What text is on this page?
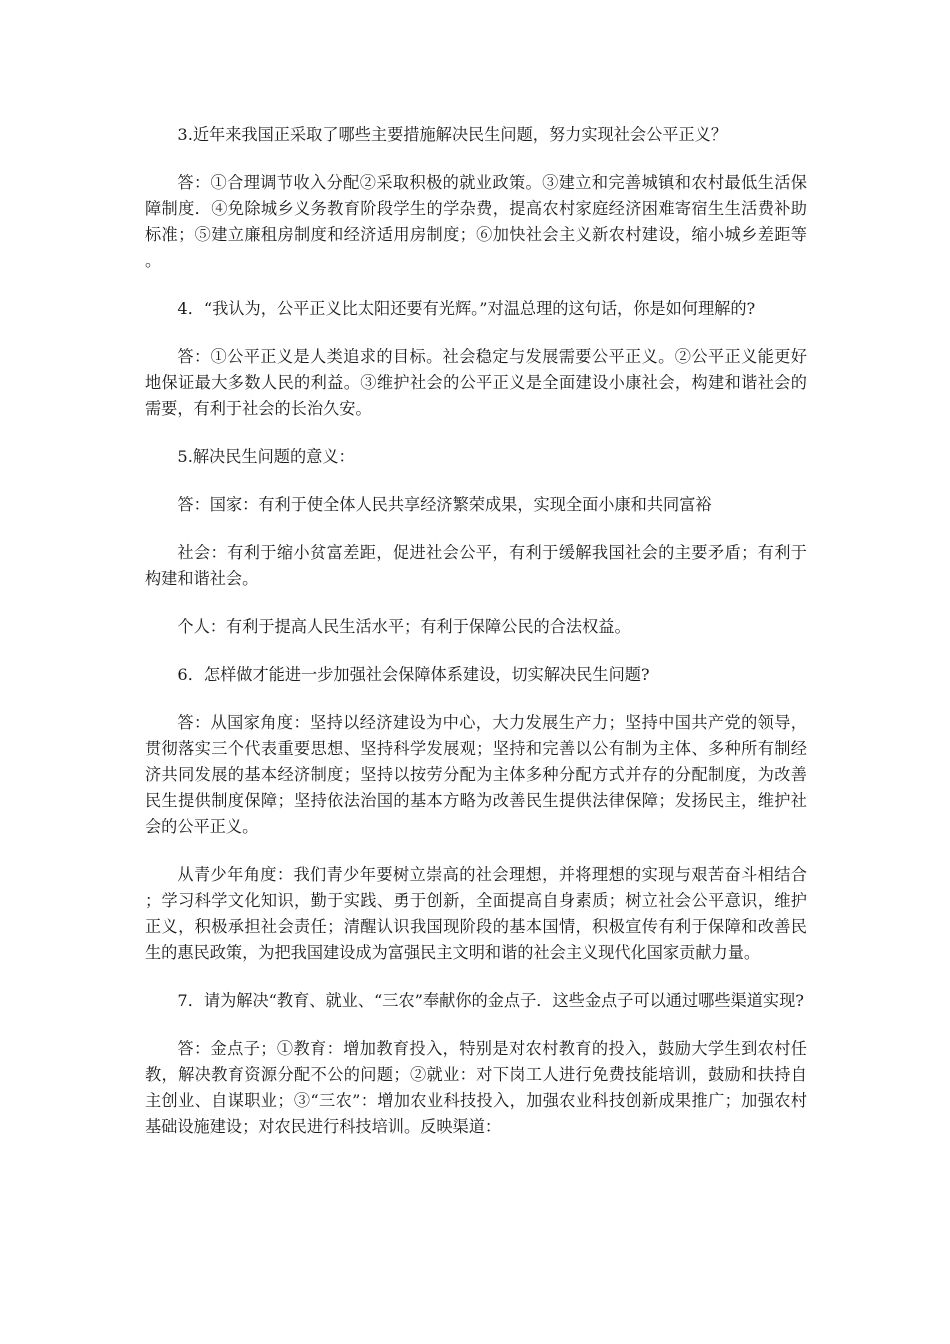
3.近年来我国正采取了哪些主要措施解决民生问题，努力实现社会公平正义？

答：①合理调节收入分配②采取积极的就业政策。③建立和完善城镇和农村最低生活保障制度．④免除城乡义务教育阶段学生的学杂费，提高农村家庭经济困难寄宿生生活费补助标准；⑤建立廉租房制度和经济适用房制度；⑥加快社会主义新农村建设，缩小城乡差距等。

4．“我认为，公平正义比太阳还要有光辉。”对温总理的这句话，你是如何理解的?

答：①公平正义是人类追求的目标。社会稳定与发展需要公平正义。②公平正义能更好地保证最大多数人民的利益。③维护社会的公平正义是全面建设小康社会，构建和谐社会的需要，有利于社会的长治久安。

5.解决民生问题的意义：

答：国家：有利于使全体人民共享经济繁荣成果，实现全面小康和共同富裕

社会：有利于缩小贫富差距，促进社会公平，有利于缓解我国社会的主要矛盾；有利于构建和谐社会。

个人：有利于提高人民生活水平；有利于保障公民的合法权益。

6．怎样做才能进一步加强社会保障体系建设，切实解决民生问题?

答：从国家角度：坚持以经济建设为中心，大力发展生产力；坚持中国共产党的领导，贯彻落实三个代表重要思想、坚持科学发展观；坚持和完善以公有制为主体、多种所有制经济共同发展的基本经济制度；坚持以按劳分配为主体多种分配方式并存的分配制度，为改善民生提供制度保障；坚持依法治国的基本方略为改善民生提供法律保障；发扬民主，维护社会的公平正义。

从青少年角度：我们青少年要树立崇高的社会理想，并将理想的实现与艰苦奋斗相结合；学习科学文化知识，勤于实践、勇于创新，全面提高自身素质；树立社会公平意识，维护正义，积极承担社会责任；清醒认识我国现阶段的基本国情，积极宣传有利于保障和改善民生的惠民政策，为把我国建设成为富强民主文明和谐的社会主义现代化国家贡献力量。

7．请为解决“教育、就业、“三农”奉献你的金点子．这些金点子可以通过哪些渠道实现?

答：金点子；①教育：增加教育投入，特别是对农村教育的投入，鼓励大学生到农村任教，解决教育资源分配不公的问题；②就业：对下岗工人进行免费技能培训，鼓励和扶持自主创业、自谋职业；③“三农”：增加农业科技投入，加强农业科技创新成果推广；加强农村基础设施建设；对农民进行科技培训。反映渠道：
